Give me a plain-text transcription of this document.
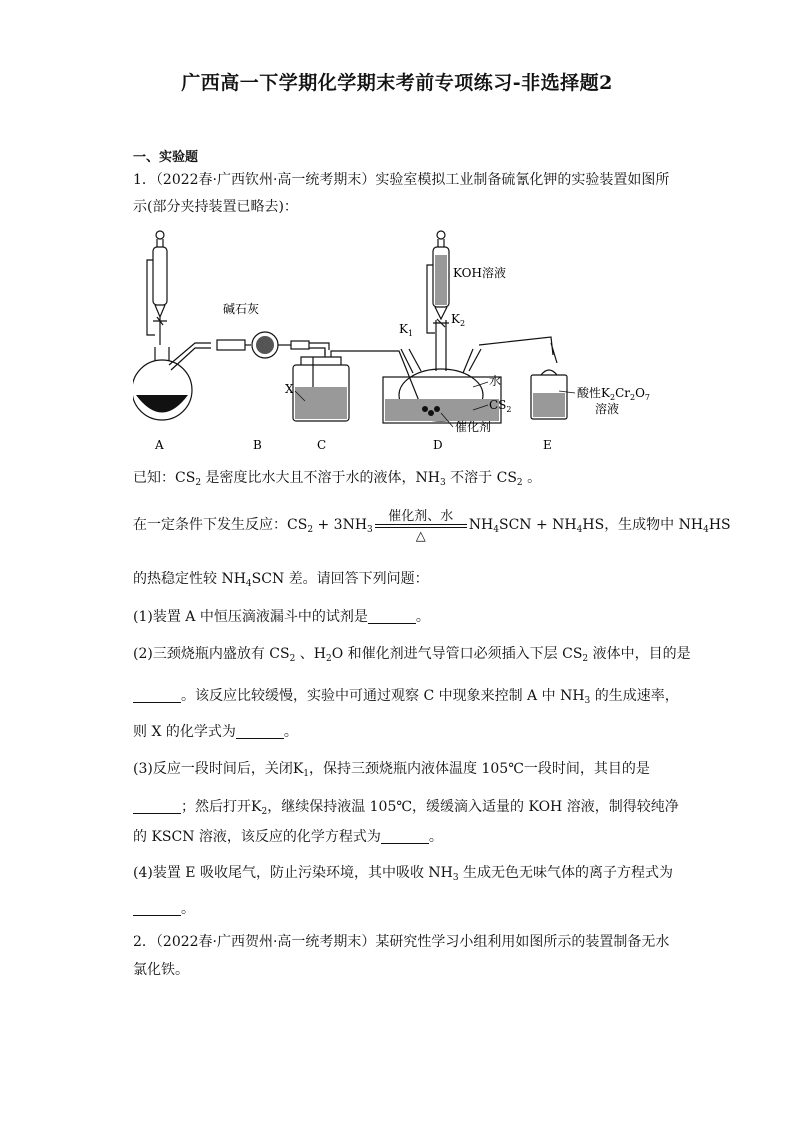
广西高一下学期化学期末考前专项练习-非选择题2
一、实验题
1．（2022春·广西钦州·高一统考期末）实验室模拟工业制备硫氰化钾的实验装置如图所
示(部分夹持装置已略去)：
A	B	C	D	E
碱石灰
KOH溶液
$K_1$
$K_2$
X
水
$CS_2$
催化剂
酸性$K_2Cr_2O_7$
溶液
已知：$CS_2$ 是密度比水大且不溶于水的液体，$NH_3$ 不溶于 $CS_2$ 。
在一定条件下发生反应：$CS_2 + 3NH_3$
催化剂、水
△
$NH_4SCN + NH_4HS$，生成物中 $NH_4HS$
的热稳定性较 $NH_4SCN$ 差。请回答下列问题：
(1)装置 A 中恒压滴液漏斗中的试剂是	。
(2)三颈烧瓶内盛放有 $CS_2$ 、$H_2O$ 和催化剂进气导管口必须插入下层 $CS_2$ 液体中，目的是
。该反应比较缓慢，实验中可通过观察 C 中现象来控制 A 中 $NH_3$ 的生成速率，
则 X 的化学式为	。
(3)反应一段时间后，关闭$K_1$，保持三颈烧瓶内液体温度 105℃一段时间，其目的是
；然后打开$K_2$，继续保持液温 105℃，缓缓滴入适量的 KOH 溶液，制得较纯净
的 KSCN 溶液，该反应的化学方程式为	。
(4)装置 E 吸收尾气，防止污染环境，其中吸收 $NH_3$ 生成无色无味气体的离子方程式为
。
2．（2022春·广西贺州·高一统考期末）某研究性学习小组利用如图所示的装置制备无水
氯化铁。
